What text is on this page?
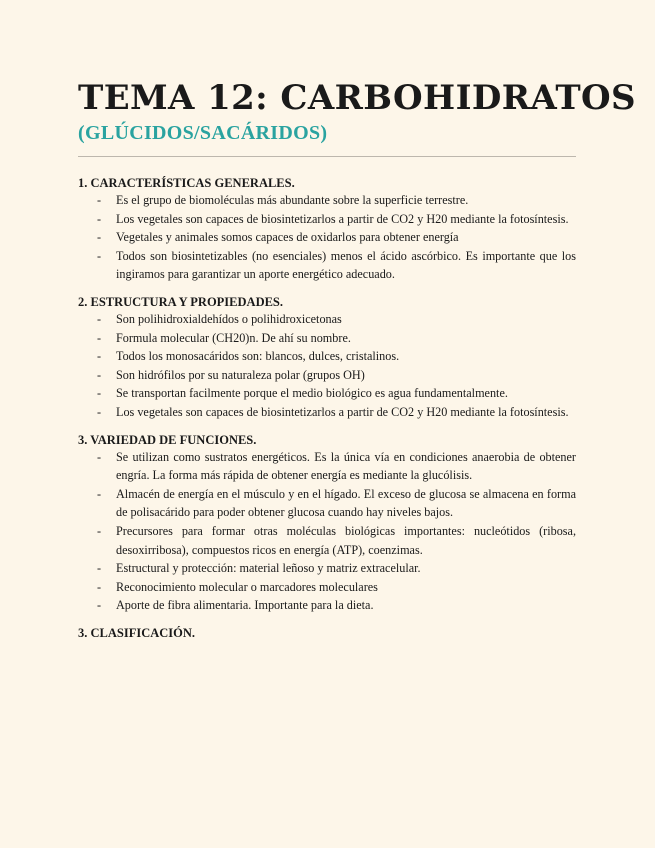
TEMA 12: CARBOHIDRATOS
(GLÚCIDOS/SACÁRIDOS)

1. CARACTERÍSTICAS GENERALES.

- Es el grupo de biomoléculas más abundante sobre la superficie terrestre.
- Los vegetales son capaces de biosintetizarlos a partir de CO2 y H20 mediante la fotosíntesis.
- Vegetales y animales somos capaces de oxidarlos para obtener energía
- Todos son biosintetizables (no esenciales) menos el ácido ascórbico. Es importante que los ingiramos para garantizar un aporte energético adecuado.

2. ESTRUCTURA Y PROPIEDADES.

- Son polihidroxialdehídos o polihidroxicetonas
- Formula molecular (CH20)n. De ahí su nombre.
- Todos los monosacáridos son: blancos, dulces, cristalinos.
- Son hidrófilos por su naturaleza polar (grupos OH)
- Se transportan facilmente porque el medio biológico es agua fundamentalmente.
- Los vegetales son capaces de biosintetizarlos a partir de CO2 y H20 mediante la fotosíntesis.

3. VARIEDAD DE FUNCIONES.

- Se utilizan como sustratos energéticos. Es la única vía en condiciones anaerobia de obtener engría. La forma más rápida de obtener energía es mediante la glucólisis.
- Almacén de energía en el músculo y en el hígado. El exceso de glucosa se almacena en forma de polisacárido para poder obtener glucosa cuando hay niveles bajos.
- Precursores para formar otras moléculas biológicas importantes: nucleótidos (ribosa, desoxirribosa), compuestos ricos en energía (ATP), coenzimas.
- Estructural y protección: material leñoso y matriz extracelular.
- Reconocimiento molecular o marcadores moleculares
- Aporte de fibra alimentaria. Importante para la dieta.

3. CLASIFICACIÓN.
